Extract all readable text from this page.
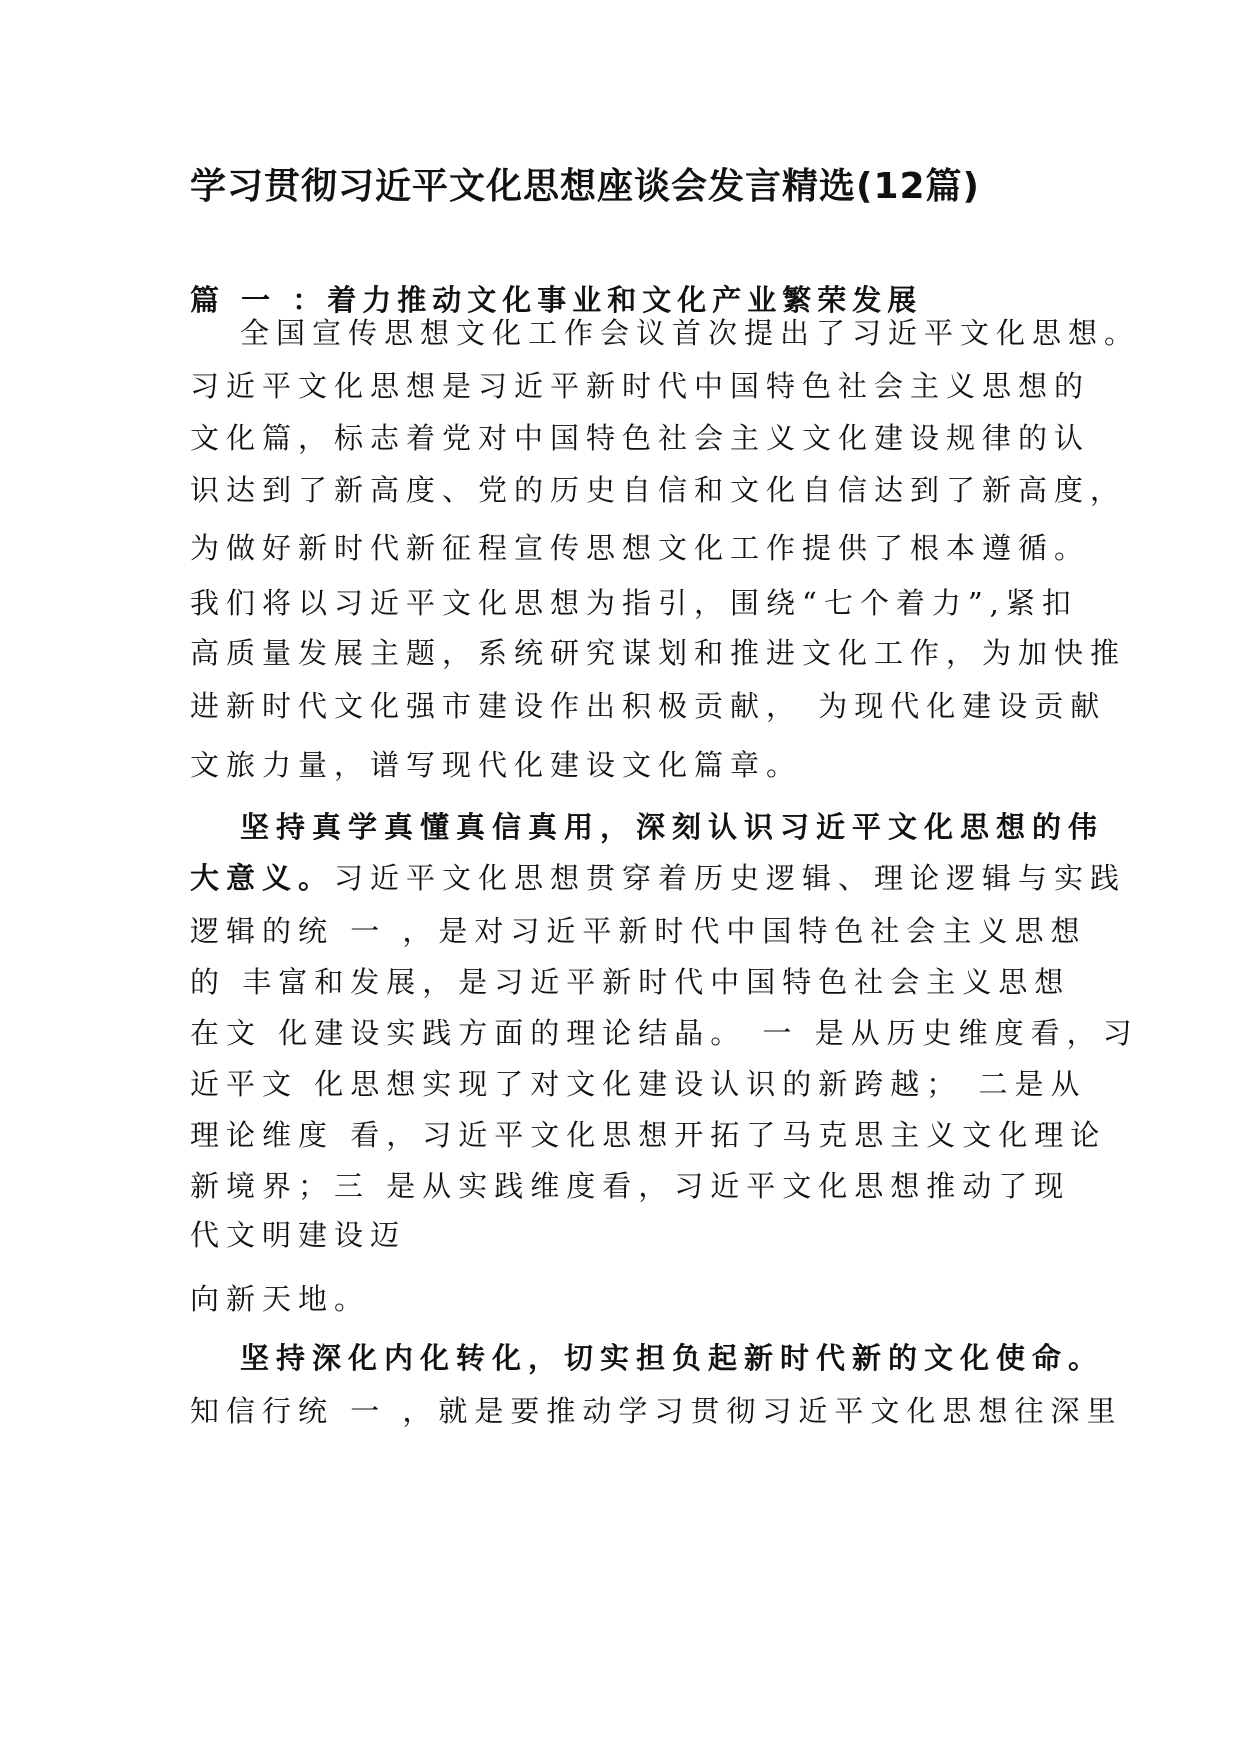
学习贯彻习近平文化思想座谈会发言精选(12篇)
篇 一 ：着力推动文化事业和文化产业繁荣发展
全国宣传思想文化工作会议首次提出了习近平文化思想。
习近平文化思想是习近平新时代中国特色社会主义思想的
文化篇，标志着党对中国特色社会主义文化建设规律的认
识达到了新高度、党的历史自信和文化自信达到了新高度，
为做好新时代新征程宣传思想文化工作提供了根本遵循。
我们将以习近平文化思想为指引，围绕“七个着力”,紧扣
高质量发展主题，系统研究谋划和推进文化工作，为加快推
进新时代文化强市建设作出积极贡献， 为现代化建设贡献
文旅力量，谱写现代化建设文化篇章。
坚持真学真懂真信真用，深刻认识习近平文化思想的伟
大意义。习近平文化思想贯穿着历史逻辑、理论逻辑与实践
逻辑的统 一 ，是对习近平新时代中国特色社会主义思想
的 丰富和发展，是习近平新时代中国特色社会主义思想
在文 化建设实践方面的理论结晶。 一 是从历史维度看，习
近平文 化思想实现了对文化建设认识的新跨越； 二是从
理论维度 看，习近平文化思想开拓了马克思主义文化理论
新境界；三 是从实践维度看，习近平文化思想推动了现
代文明建设迈
向新天地。
坚持深化内化转化，切实担负起新时代新的文化使命。
知信行统 一 ，就是要推动学习贯彻习近平文化思想往深里
